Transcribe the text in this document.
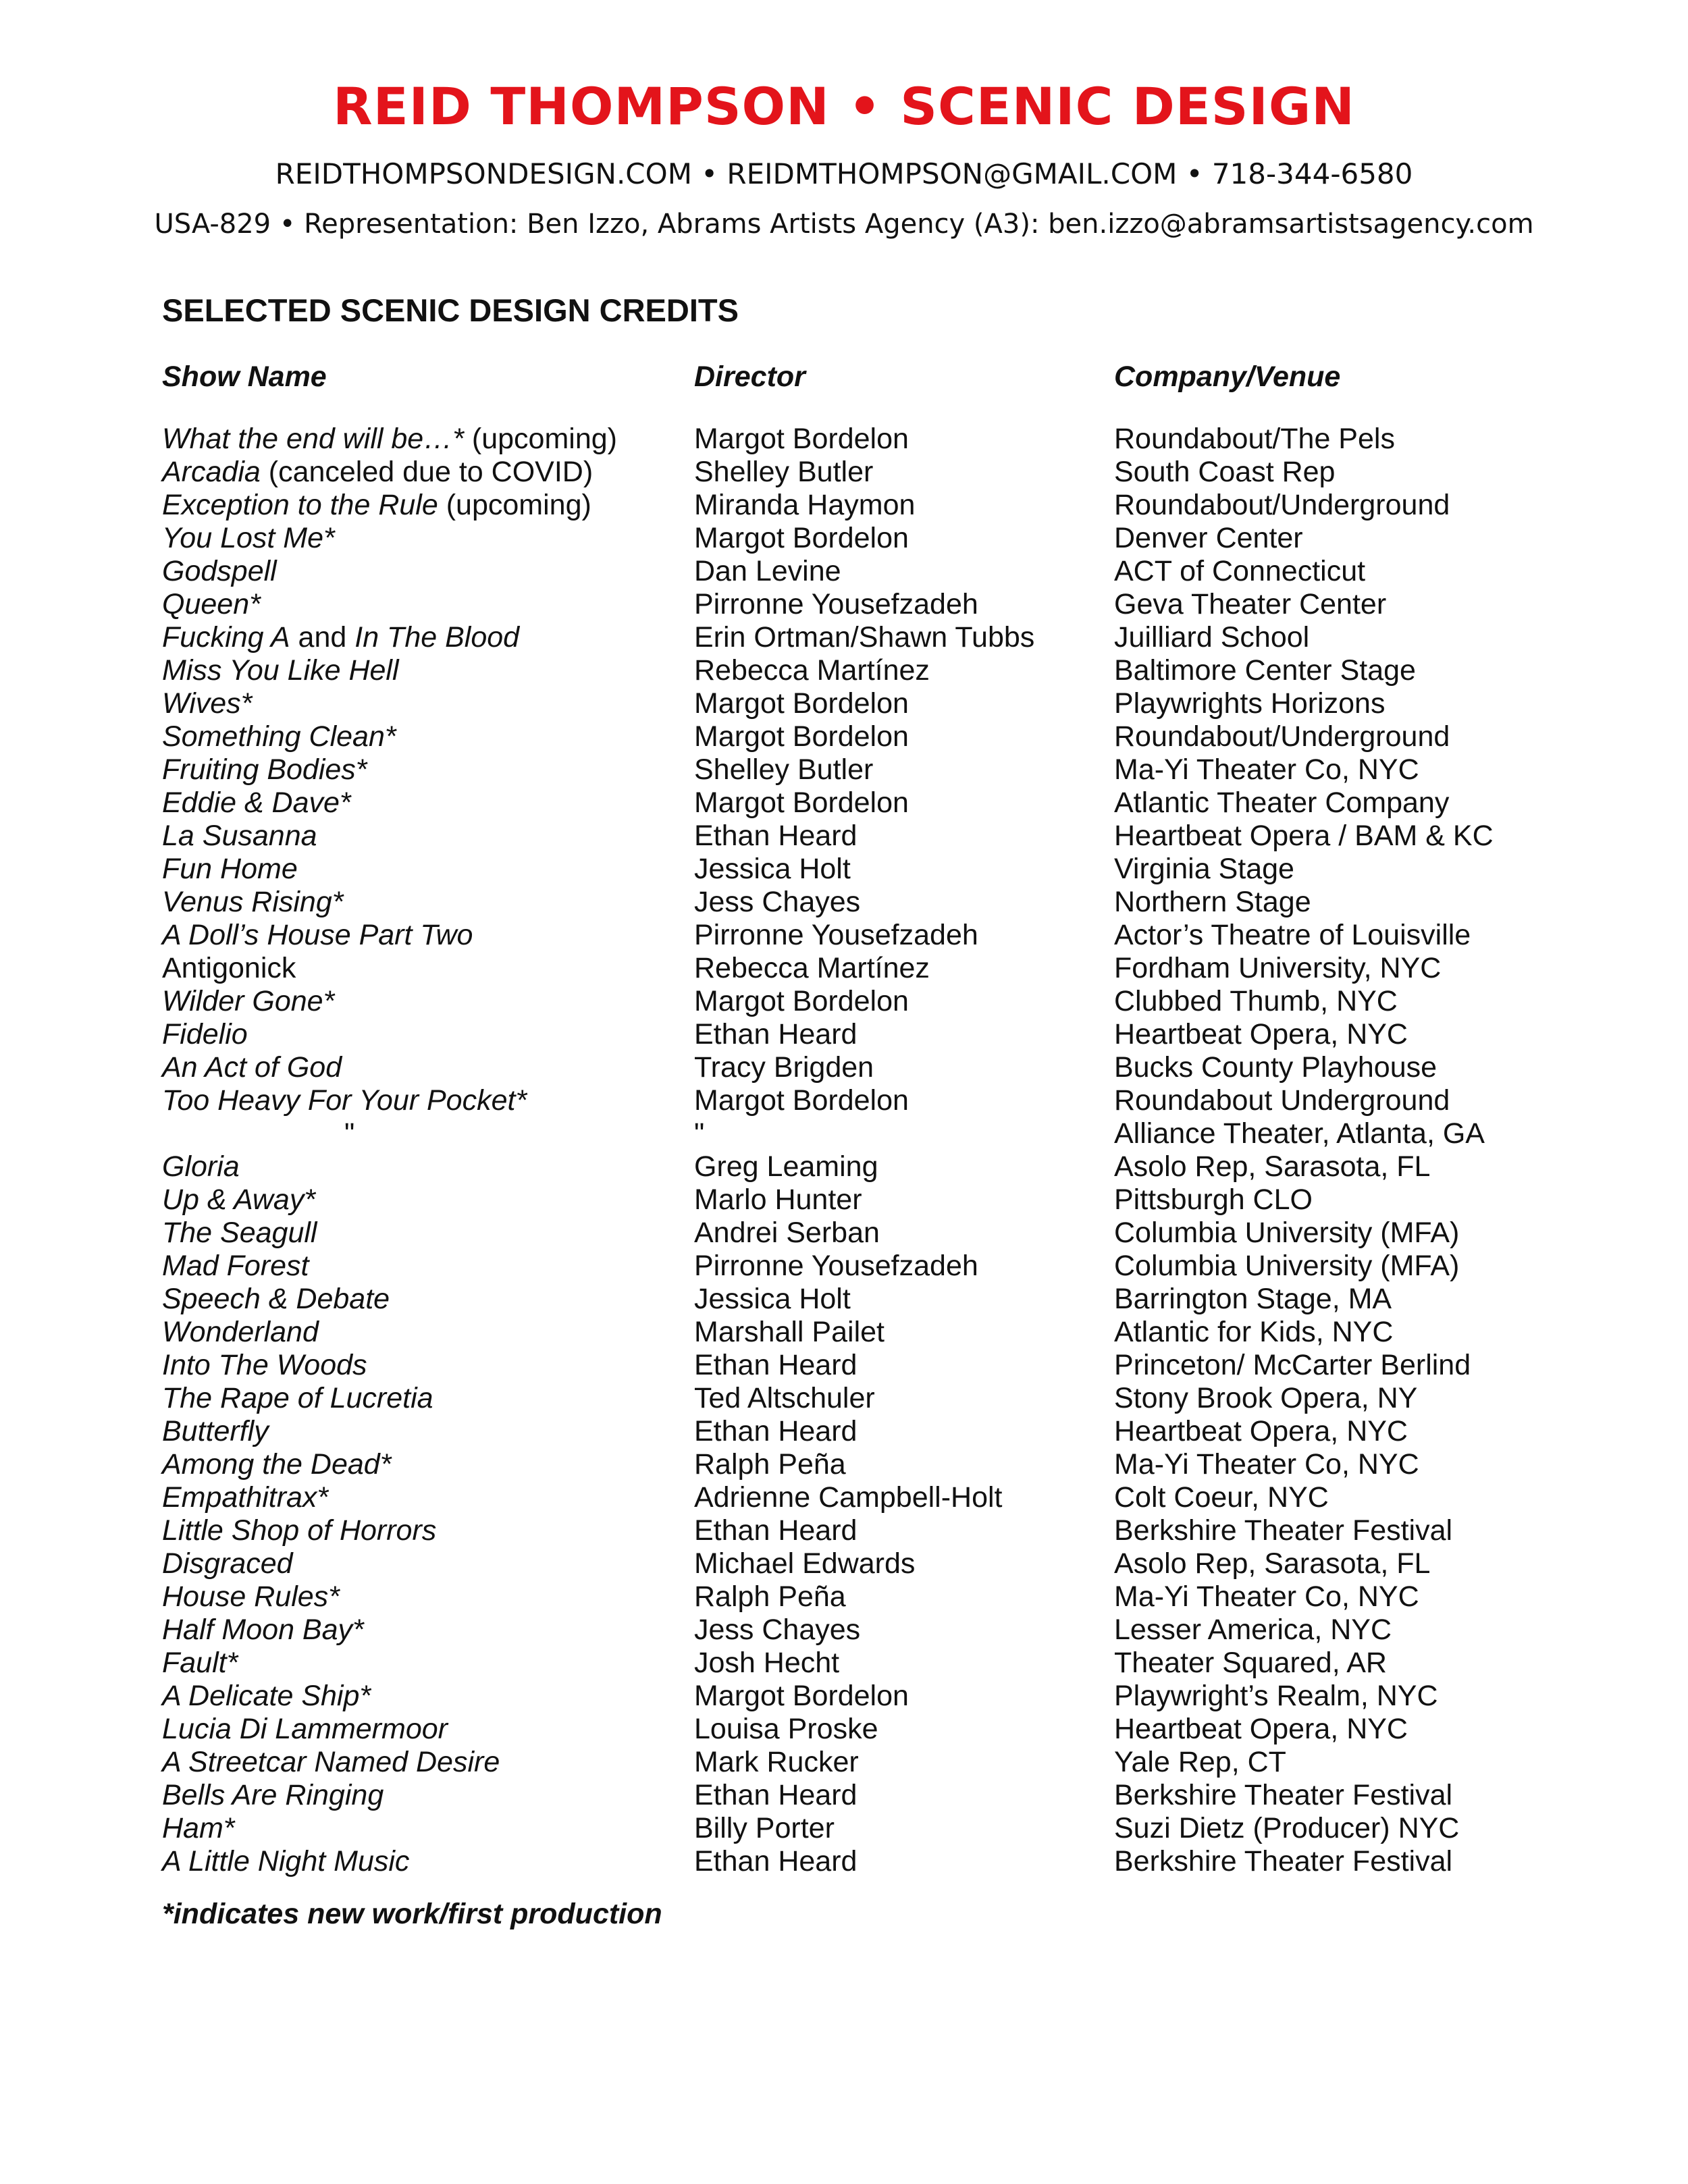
REID THOMPSON • SCENIC DESIGN
REIDTHOMPSONDESIGN.COM • REIDMTHOMPSON@GMAIL.COM • 718-344-6580
USA-829 • Representation: Ben Izzo, Abrams Artists Agency (A3): ben.izzo@abramsartistsagency.com
SELECTED SCENIC DESIGN CREDITS
Show Name	Director	Company/Venue
What the end will be…* (upcoming)	Margot Bordelon	Roundabout/The Pels
Arcadia (canceled due to COVID)	Shelley Butler	South Coast Rep
Exception to the Rule (upcoming)	Miranda Haymon	Roundabout/Underground
You Lost Me*	Margot Bordelon	Denver Center
Godspell	Dan Levine	ACT of Connecticut
Queen*	Pirronne Yousefzadeh	Geva Theater Center
Fucking A and In The Blood	Erin Ortman/Shawn Tubbs	Juilliard School
Miss You Like Hell	Rebecca Martínez	Baltimore Center Stage
Wives*	Margot Bordelon	Playwrights Horizons
Something Clean*	Margot Bordelon	Roundabout/Underground
Fruiting Bodies*	Shelley Butler	Ma-Yi Theater Co, NYC
Eddie & Dave*	Margot Bordelon	Atlantic Theater Company
La Susanna	Ethan Heard	Heartbeat Opera / BAM & KC
Fun Home	Jessica Holt	Virginia Stage
Venus Rising*	Jess Chayes	Northern Stage
A Doll’s House Part Two	Pirronne Yousefzadeh	Actor’s Theatre of Louisville
Antigonick	Rebecca Martínez	Fordham University, NYC
Wilder Gone*	Margot Bordelon	Clubbed Thumb, NYC
Fidelio	Ethan Heard	Heartbeat Opera, NYC
An Act of God	Tracy Brigden	Bucks County Playhouse
Too Heavy For Your Pocket*	Margot Bordelon	Roundabout Underground
"	"	Alliance Theater, Atlanta, GA
Gloria	Greg Leaming	Asolo Rep, Sarasota, FL
Up & Away*	Marlo Hunter	Pittsburgh CLO
The Seagull	Andrei Serban	Columbia University (MFA)
Mad Forest	Pirronne Yousefzadeh	Columbia University (MFA)
Speech & Debate	Jessica Holt	Barrington Stage, MA
Wonderland	Marshall Pailet	Atlantic for Kids, NYC
Into The Woods	Ethan Heard	Princeton/ McCarter Berlind
The Rape of Lucretia	Ted Altschuler	Stony Brook Opera, NY
Butterfly	Ethan Heard	Heartbeat Opera, NYC
Among the Dead*	Ralph Peña	Ma-Yi Theater Co, NYC
Empathitrax*	Adrienne Campbell-Holt	Colt Coeur, NYC
Little Shop of Horrors	Ethan Heard	Berkshire Theater Festival
Disgraced	Michael Edwards	Asolo Rep, Sarasota, FL
House Rules*	Ralph Peña	Ma-Yi Theater Co, NYC
Half Moon Bay*	Jess Chayes	Lesser America, NYC
Fault*	Josh Hecht	Theater Squared, AR
A Delicate Ship*	Margot Bordelon	Playwright’s Realm, NYC
Lucia Di Lammermoor	Louisa Proske	Heartbeat Opera, NYC
A Streetcar Named Desire	Mark Rucker	Yale Rep, CT
Bells Are Ringing	Ethan Heard	Berkshire Theater Festival
Ham*	Billy Porter	Suzi Dietz (Producer) NYC
A Little Night Music	Ethan Heard	Berkshire Theater Festival
*indicates new work/first production
